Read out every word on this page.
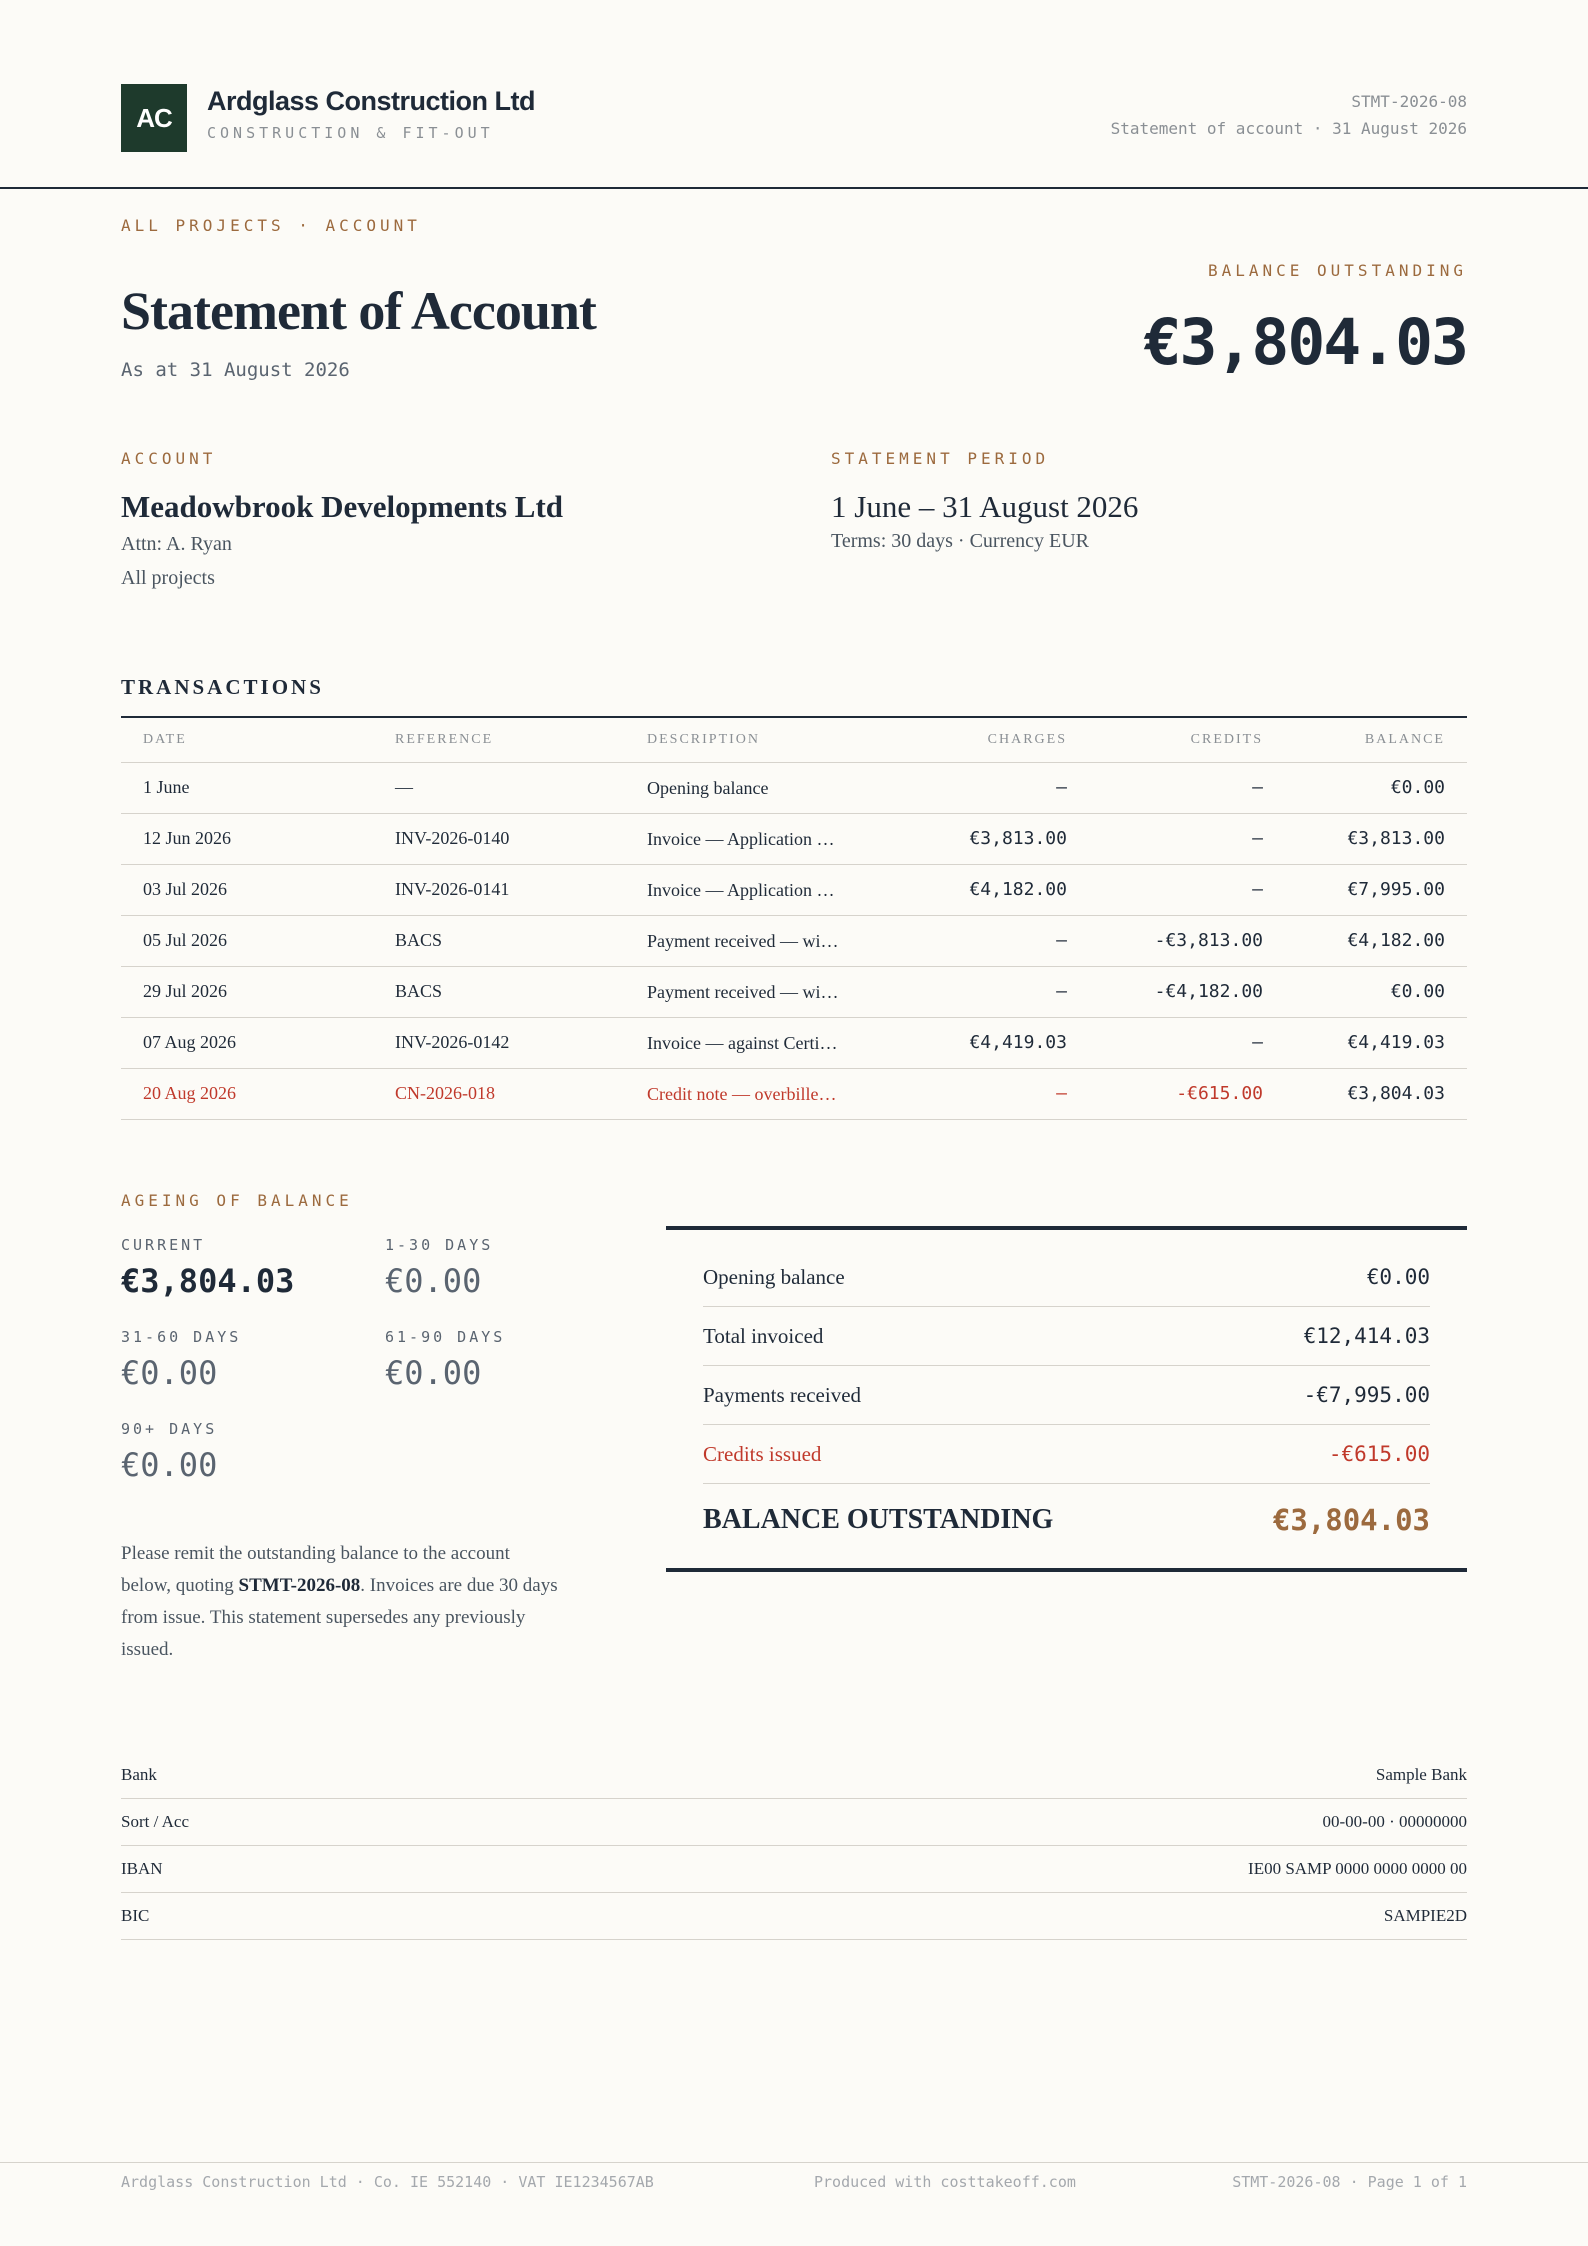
AC
Ardglass Construction Ltd
CONSTRUCTION & FIT-OUT
STMT-2026-08
Statement of account · 31 August 2026
ALL PROJECTS · ACCOUNT
Statement of Account
As at 31 August 2026
BALANCE OUTSTANDING
€3,804.03
ACCOUNT
Meadowbrook Developments Ltd
Attn: A. Ryan
All projects
STATEMENT PERIOD
1 June – 31 August 2026
Terms: 30 days · Currency EUR
TRANSACTIONS
DATE	REFERENCE	DESCRIPTION	CHARGES	CREDITS	BALANCE
1 June	—	Opening balance	—	—	€0.00
12 Jun 2026	INV-2026-0140	Invoice — Application …	€3,813.00	—	€3,813.00
03 Jul 2026	INV-2026-0141	Invoice — Application …	€4,182.00	—	€7,995.00
05 Jul 2026	BACS	Payment received — wi…	—	-€3,813.00	€4,182.00
29 Jul 2026	BACS	Payment received — wi…	—	-€4,182.00	€0.00
07 Aug 2026	INV-2026-0142	Invoice — against Certi…	€4,419.03	—	€4,419.03
20 Aug 2026	CN-2026-018	Credit note — overbille…	—	-€615.00	€3,804.03
AGEING OF BALANCE
CURRENT
€3,804.03
1-30 DAYS
€0.00
31-60 DAYS
€0.00
61-90 DAYS
€0.00
90+ DAYS
€0.00

Please remit the outstanding balance to the account below, quoting STMT-2026-08. Invoices are due 30 days from issue. This statement supersedes any previously issued.

Opening balance	€0.00
Total invoiced	€12,414.03
Payments received	-€7,995.00
Credits issued	-€615.00
BALANCE OUTSTANDING	€3,804.03
Bank	Sample Bank
Sort / Acc	00-00-00 · 00000000
IBAN	IE00 SAMP 0000 0000 0000 00
BIC	SAMPIE2D
Ardglass Construction Ltd · Co. IE 552140 · VAT IE1234567AB	Produced with costtakeoff.com	STMT-2026-08 · Page 1 of 1
